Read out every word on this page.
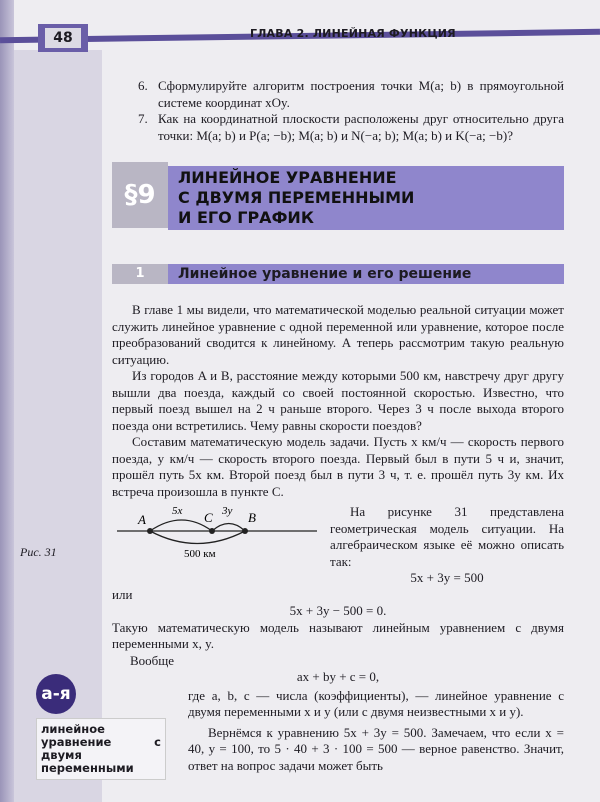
48	ГЛАВА 2. ЛИНЕЙНАЯ ФУНКЦИЯ
6. Сформулируйте алгоритм построения точки M(a; b) в прямоугольной системе координат xOy.
7. Как на координатной плоскости расположены друг относительно друга точки: M(a; b) и P(a; −b); M(a; b) и N(−a; b); M(a; b) и K(−a; −b)?
§9
ЛИНЕЙНОЕ УРАВНЕНИЕ
С ДВУМЯ ПЕРЕМЕННЫМИ
И ЕГО ГРАФИК
1	Линейное уравнение и его решение

В главе 1 мы видели, что математической моделью реальной ситуации может служить линейное уравнение с одной переменной или уравнение, которое после преобразований сводится к линейному. А теперь рассмотрим такую реальную ситуацию.

Из городов A и B, расстояние между которыми 500 км, навстречу друг другу вышли два поезда, каждый со своей постоянной скоростью. Известно, что первый поезд вышел на 2 ч раньше второго. Через 3 ч после выхода второго поезда они встретились. Чему равны скорости поездов?

Составим математическую модель задачи. Пусть x км/ч — скорость первого поезда, y км/ч — скорость второго поезда. Первый был в пути 5 ч и, значит, прошёл путь 5x км. Второй поезд был в пути 3 ч, т. е. прошёл путь 3y км. Их встреча произошла в пункте C.

Рис. 31
A	C	B
5x	3y
500 км

На рисунке 31 представлена геометрическая модель ситуации. На алгебраическом языке её можно описать так:

5x + 3y = 500
или
5x + 3y − 500 = 0.

Такую математическую модель называют линейным уравнением с двумя переменными x, y.

Вообще
ax + by + c = 0,
а-я
линейное уравнение с двумя переменными

где a, b, c — числа (коэффициенты), — линейное уравнение с двумя переменными x и y (или с двумя неизвестными x и y).

Вернёмся к уравнению 5x + 3y = 500. Замечаем, что если x = 40, y = 100, то 5 · 40 + 3 · 100 = 500 — верное равенство. Значит, ответ на вопрос задачи может быть
